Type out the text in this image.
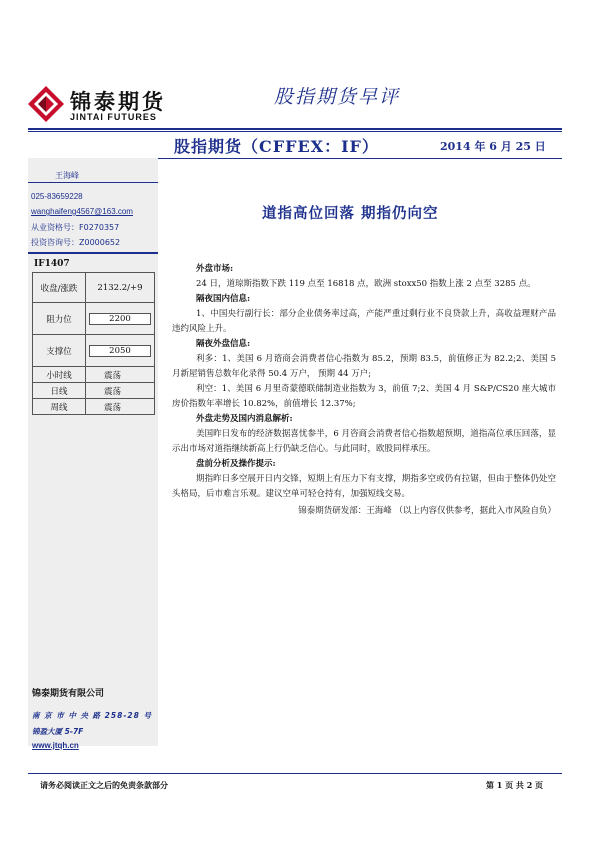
锦泰期货
JINTAI FUTURES
股指期货早评
股指期货（CFFEX：IF）	2014 年 6 月 25 日
王海峰
025-83659228
wanghaifeng4567@163.com
从业资格号：F0270357
投资咨询号：Z0000652
IF1407
收盘/涨跌	2132.2/+9
阻力位	2200

支撑位	2050

小时线	震荡
日线	震荡
周线	震荡
锦泰期货有限公司
南 京 市 中 央 路 258-28 号
锦盈大厦 5-7F
www.jtqh.cn
道指高位回落 期指仍向空

外盘市场:

24 日，道琼斯指数下跌 119 点至 16818 点，欧洲 stoxx50 指数上涨 2 点至 3285 点。

隔夜国内信息:

1、中国央行副行长：部分企业债务率过高，产能严重过剩行业不良贷款上升，高收益理财产品违约风险上升。

隔夜外盘信息:

利多：1、美国 6 月谘商会消费者信心指数为 85.2，预期 83.5，前值修正为 82.2;2、美国 5 月新屋销售总数年化录得 50.4 万户， 预期 44 万户;

利空：1、美国 6 月里奇蒙德联储制造业指数为 3，前值 7;2、美国 4 月 S&P/CS20 座大城市房价指数年率增长 10.82%，前值增长 12.37%;

外盘走势及国内消息解析:

美国昨日发布的经济数据喜忧参半，6 月咨商会消费者信心指数超预期，道指高位承压回落，显示出市场对道指继续新高上行仍缺乏信心。与此同时，欧股同样承压。

盘前分析及操作提示:

期指昨日多空展开日内交锋，短期上有压力下有支撑，期指多空或仍有拉锯，但由于整体仍处空头格局，后市难言乐观。建议空单可轻仓持有，加强短线交易。

锦泰期货研发部：王海峰 （以上内容仅供参考，据此入市风险自负）

请务必阅读正文之后的免责条款部分	第 1 页 共 2 页
